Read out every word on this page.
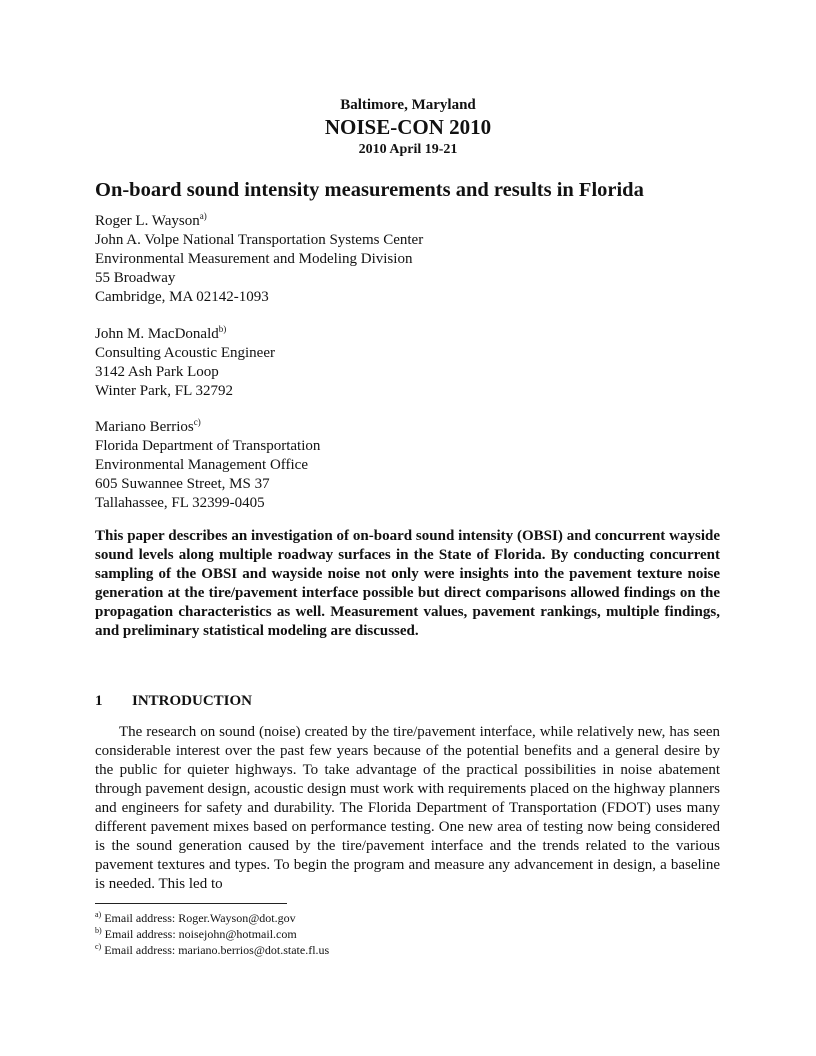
Baltimore, Maryland
NOISE-CON 2010
2010 April 19-21
On-board sound intensity measurements and results in Florida
Roger L. Wayson$^{a)}$
John A. Volpe National Transportation Systems Center
Environmental Measurement and Modeling Division
55 Broadway
Cambridge, MA 02142-1093
John M. MacDonald$^{b)}$
Consulting Acoustic Engineer
3142 Ash Park Loop
Winter Park, FL 32792
Mariano Berrios$^{c)}$
Florida Department of Transportation
Environmental Management Office
605 Suwannee Street, MS 37
Tallahassee, FL 32399-0405

This paper describes an investigation of on-board sound intensity (OBSI) and concurrent wayside sound levels along multiple roadway surfaces in the State of Florida. By conducting concurrent sampling of the OBSI and wayside noise not only were insights into the pavement texture noise generation at the tire/pavement interface possible but direct comparisons allowed findings on the propagation characteristics as well. Measurement values, pavement rankings, multiple findings, and preliminary statistical modeling are discussed.

1 INTRODUCTION

The research on sound (noise) created by the tire/pavement interface, while relatively new, has seen considerable interest over the past few years because of the potential benefits and a general desire by the public for quieter highways. To take advantage of the practical possibilities in noise abatement through pavement design, acoustic design must work with requirements placed on the highway planners and engineers for safety and durability. The Florida Department of Transportation (FDOT) uses many different pavement mixes based on performance testing. One new area of testing now being considered is the sound generation caused by the tire/pavement interface and the trends related to the various pavement textures and types. To begin the program and measure any advancement in design, a baseline is needed. This led to

$^{a)}$ Email address: Roger.Wayson@dot.gov
$^{b)}$ Email address: noisejohn@hotmail.com
$^{c)}$ Email address: mariano.berrios@dot.state.fl.us
